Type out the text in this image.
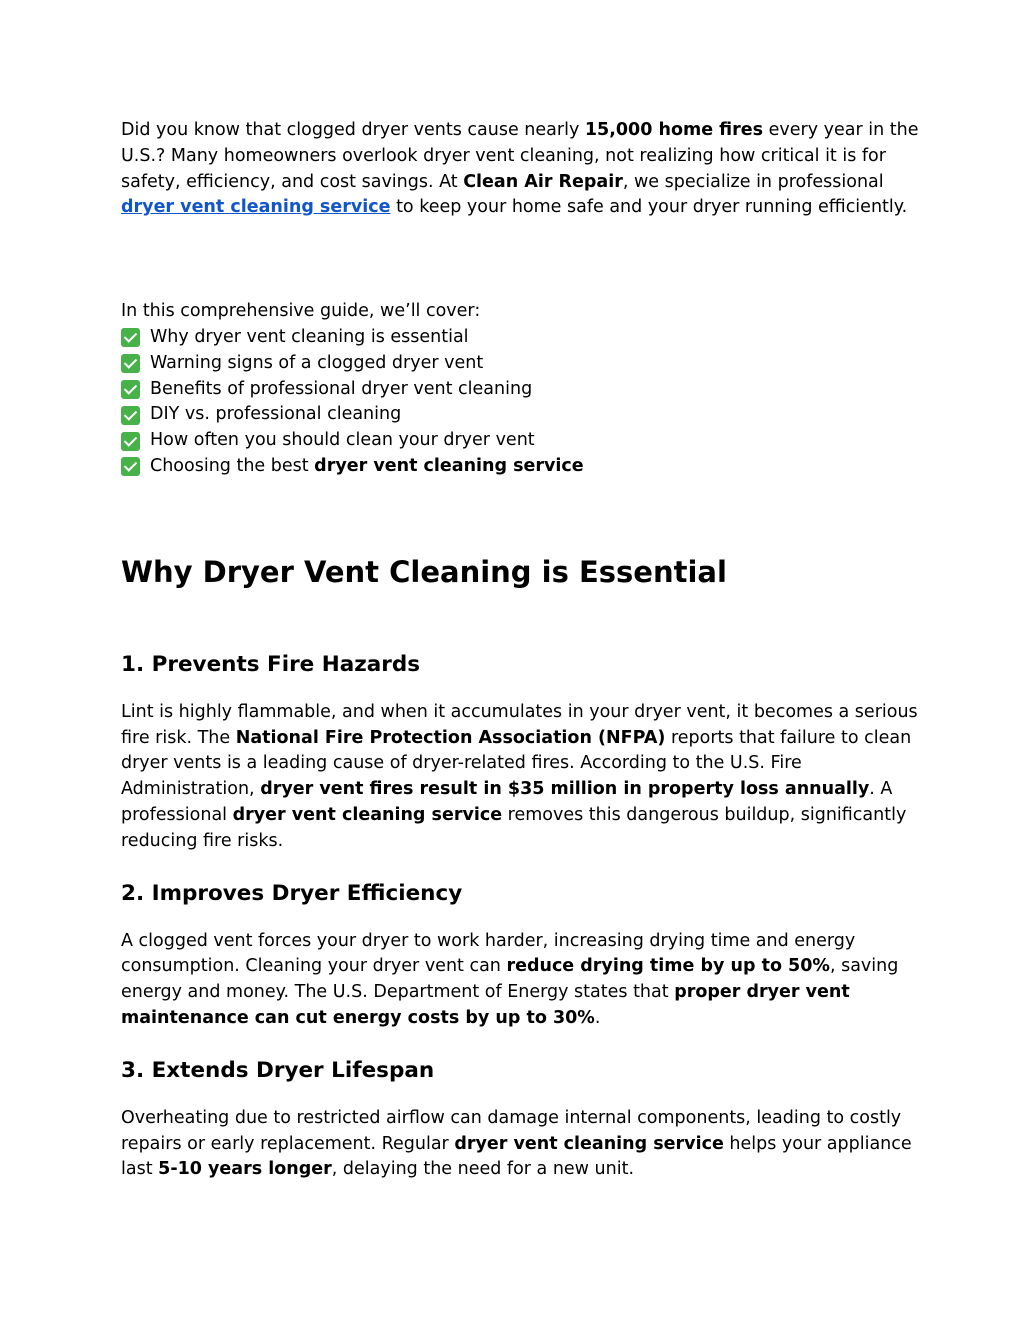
Did you know that clogged dryer vents cause nearly 15,000 home fires every year in the U.S.? Many homeowners overlook dryer vent cleaning, not realizing how critical it is for safety, efficiency, and cost savings. At Clean Air Repair, we specialize in professional dryer vent cleaning service to keep your home safe and your dryer running efficiently.

In this comprehensive guide, we’ll cover:

Why dryer vent cleaning is essential
Warning signs of a clogged dryer vent
Benefits of professional dryer vent cleaning
DIY vs. professional cleaning
How often you should clean your dryer vent
Choosing the best dryer vent cleaning service
Why Dryer Vent Cleaning is Essential
1. Prevents Fire Hazards

Lint is highly flammable, and when it accumulates in your dryer vent, it becomes a serious fire risk. The National Fire Protection Association (NFPA) reports that failure to clean dryer vents is a leading cause of dryer-related fires. According to the U.S. Fire Administration, dryer vent fires result in $35 million in property loss annually. A professional dryer vent cleaning service removes this dangerous buildup, significantly reducing fire risks.

2. Improves Dryer Efficiency

A clogged vent forces your dryer to work harder, increasing drying time and energy consumption. Cleaning your dryer vent can reduce drying time by up to 50%, saving energy and money. The U.S. Department of Energy states that proper dryer vent maintenance can cut energy costs by up to 30%.

3. Extends Dryer Lifespan

Overheating due to restricted airflow can damage internal components, leading to costly repairs or early replacement. Regular dryer vent cleaning service helps your appliance last 5-10 years longer, delaying the need for a new unit.
